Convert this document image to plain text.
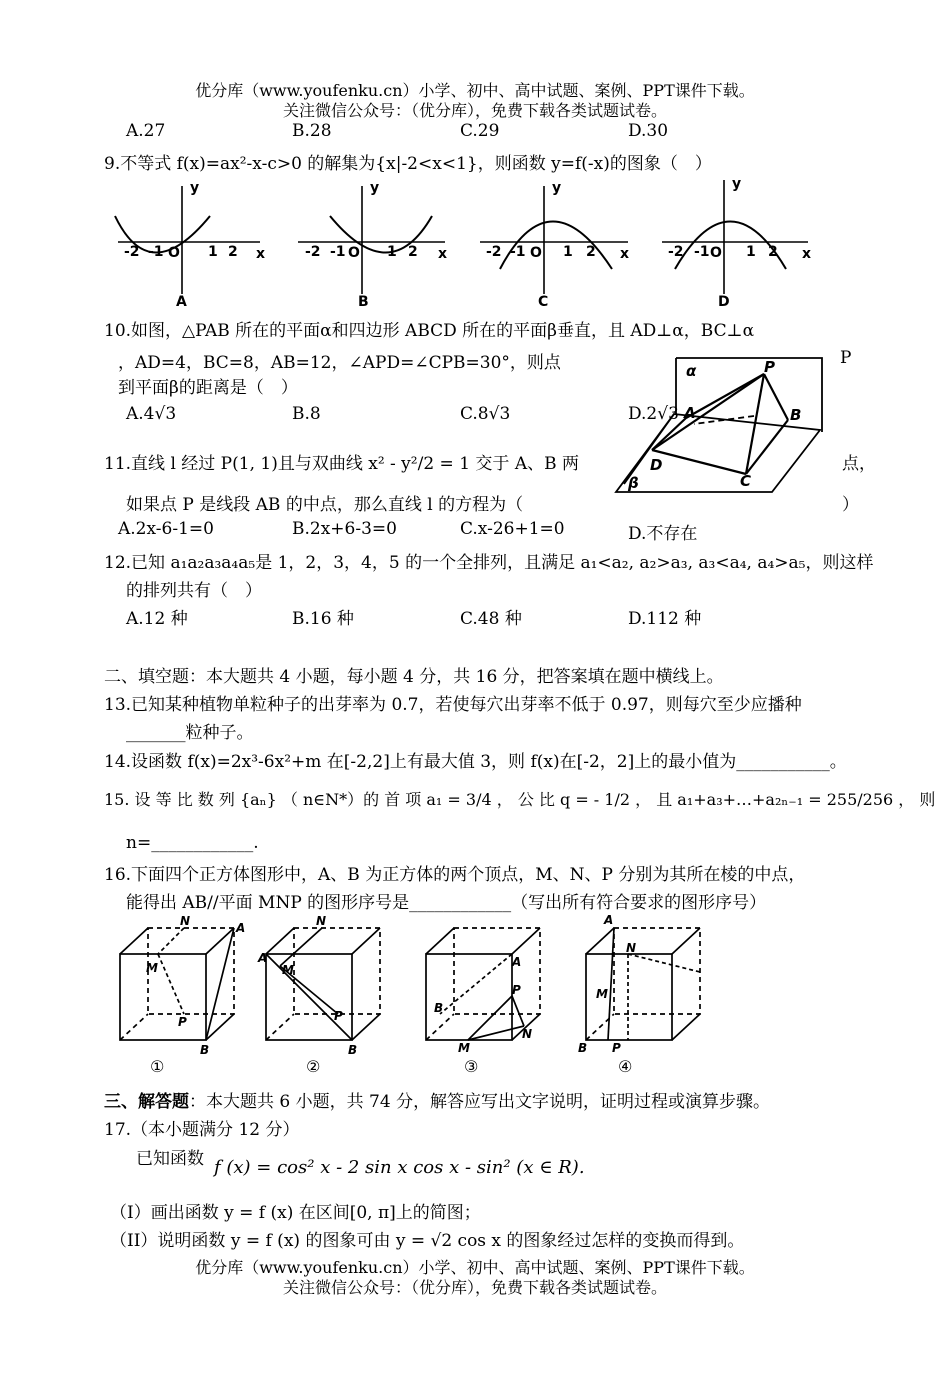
优分库（www.youfenku.cn）小学、初中、高中试题、案例、PPT课件下载。
关注微信公众号：（优分库），免费下载各类试题试卷。
A.27	B.28	C.29	D.30
9.不等式 f(x)=ax²-x-c>0 的解集为{x|-2<x<1}，则函数 y=f(-x)的图象（　）
y
x
O
-2 -1	1 2
A
y
x
O
-2 -1	1 2
B
y
x
O
-2 -1	1 2
C
y
x
O
-2 -1	1 2
D
10.如图，△PAB 所在的平面α和四边形 ABCD 所在的平面β垂直，且 AD⊥α，BC⊥α
，AD=4，BC=8，AB=12，∠APD=∠CPB=30°，则点	P
到平面β的距离是（　）
A.4√3	B.8	C.8√3	D.2√3
α	P
A	B
C
D
β
11.直线 l 经过 P(1, 1)且与双曲线 x² - y²/2 = 1 交于 A、B 两	点，
如果点 P 是线段 AB 的中点，那么直线 l 的方程为（	）
A.2x-6-1=0	B.2x+6-3=0	C.x-26+1=0	D.不存在
12.已知 a₁a₂a₃a₄a₅是 1，2，3，4，5 的一个全排列，且满足 a₁<a₂, a₂>a₃, a₃<a₄, a₄>a₅，则这样
的排列共有（　）
A.12 种	B.16 种	C.48 种	D.112 种
二、填空题：本大题共 4 小题，每小题 4 分，共 16 分，把答案填在题中横线上。
13.已知某种植物单粒种子的出芽率为 0.7，若使每穴出芽率不低于 0.97，则每穴至少应播种
_______粒种子。
14.设函数 f(x)=2x³-6x²+m 在[-2,2]上有最大值 3，则 f(x)在[-2，2]上的最小值为___________。
15. 设 等 比 数 列 {aₙ} （ n∈N*）的 首 项 a₁ = 3/4 ， 公 比 q = - 1/2 ， 且 a₁+a₃+…+a₂ₙ₋₁ = 255/256 ， 则
n=____________.
16.下面四个正方体图形中，A、B 为正方体的两个顶点，M、N、P 分别为其所在棱的中点，
能得出 AB//平面 MNP 的图形序号是____________（写出所有符合要求的图形序号）
N	A
M
P
B
N
A
M
P
B
A
B
P
N
M
A
N
M
B P
①	②	③	④
三、解答题：本大题共 6 小题，共 74 分，解答应写出文字说明，证明过程或演算步骤。
17.（本小题满分 12 分）
已知函数 f (x) = cos² x - 2 sin x cos x - sin² (x ∈ R).
（I）画出函数 y = f (x) 在区间[0, π]上的简图；
（II）说明函数 y = f (x) 的图象可由 y = √2 cos x 的图象经过怎样的变换而得到。
优分库（www.youfenku.cn）小学、初中、高中试题、案例、PPT课件下载。
关注微信公众号：（优分库），免费下载各类试题试卷。
